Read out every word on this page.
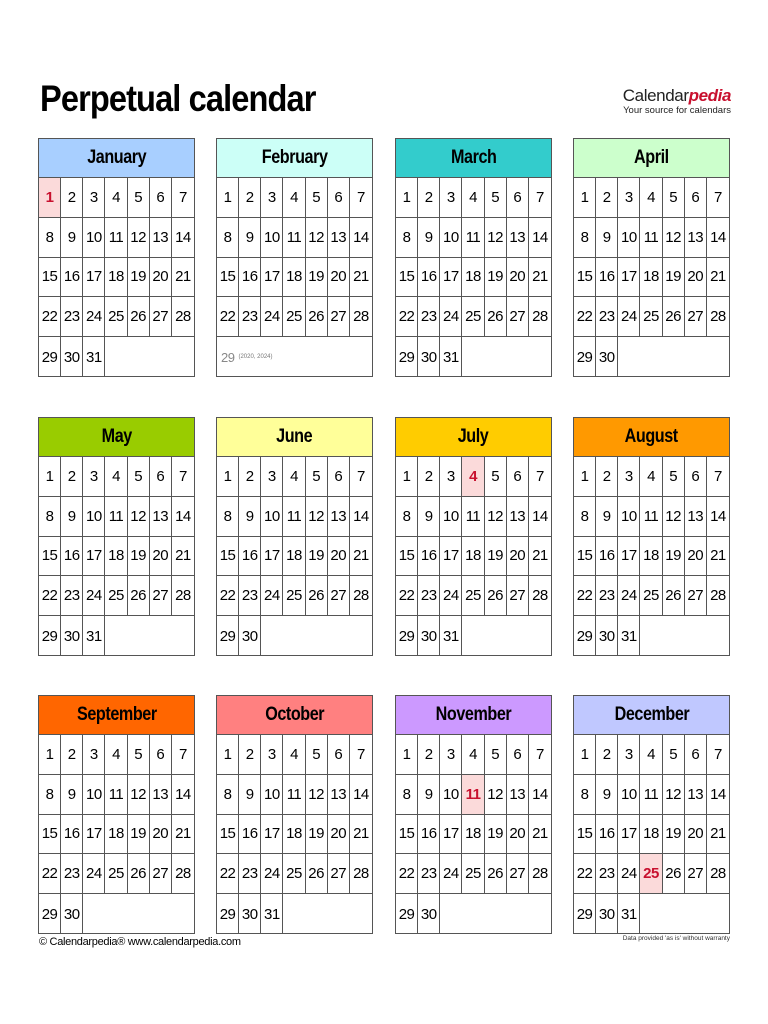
Perpetual calendar	Calendarpedia
Your source for calendars
January
1 2 3 4 5 6 7
8 9 10 11 12 13 14
15 16 17 18 19 20 21
22 23 24 25 26 27 28
29 30 31
February
1 2 3 4 5 6 7
8 9 10 11 12 13 14
15 16 17 18 19 20 21
22 23 24 25 26 27 28
29 (2020, 2024)
March
1 2 3 4 5 6 7
8 9 10 11 12 13 14
15 16 17 18 19 20 21
22 23 24 25 26 27 28
29 30 31
April
1 2 3 4 5 6 7
8 9 10 11 12 13 14
15 16 17 18 19 20 21
22 23 24 25 26 27 28
29 30
May
1 2 3 4 5 6 7
8 9 10 11 12 13 14
15 16 17 18 19 20 21
22 23 24 25 26 27 28
29 30 31
June
1 2 3 4 5 6 7
8 9 10 11 12 13 14
15 16 17 18 19 20 21
22 23 24 25 26 27 28
29 30
July
1 2 3 4 5 6 7
8 9 10 11 12 13 14
15 16 17 18 19 20 21
22 23 24 25 26 27 28
29 30 31
August
1 2 3 4 5 6 7
8 9 10 11 12 13 14
15 16 17 18 19 20 21
22 23 24 25 26 27 28
29 30 31
September
1 2 3 4 5 6 7
8 9 10 11 12 13 14
15 16 17 18 19 20 21
22 23 24 25 26 27 28
29 30
October
1 2 3 4 5 6 7
8 9 10 11 12 13 14
15 16 17 18 19 20 21
22 23 24 25 26 27 28
29 30 31
November
1 2 3 4 5 6 7
8 9 10 11 12 13 14
15 16 17 18 19 20 21
22 23 24 25 26 27 28
29 30
December
1 2 3 4 5 6 7
8 9 10 11 12 13 14
15 16 17 18 19 20 21
22 23 24 25 26 27 28
29 30 31
© Calendarpedia® www.calendarpedia.com	Data provided 'as is' without warranty
